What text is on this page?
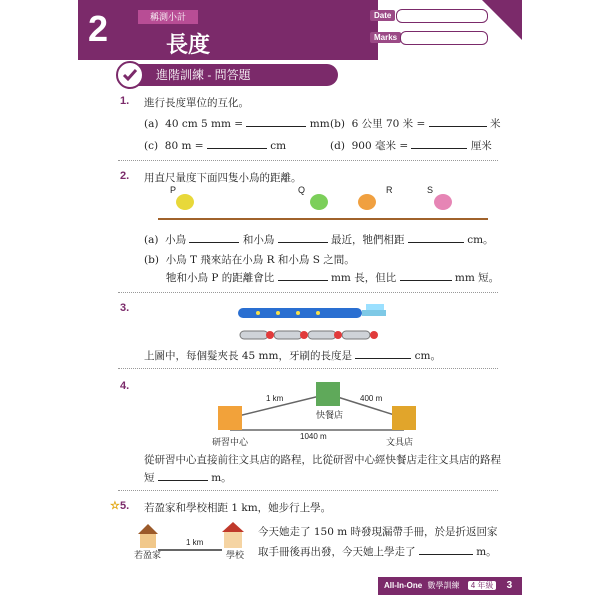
2	稱測小計
長度
Date
Marks
進階訓練 - 問答題
1. 進行長度單位的互化。
(a) 40 cm 5 mm =	mm (b) 6 公里 70 米 =	米
(c) 80 m =	cm	(d) 900 毫米 =	厘米
2. 用直尺量度下面四隻小鳥的距離。
P	Q	R	S
(a) 小鳥	和小鳥	最近，牠們相距	cm。
(b) 小鳥 T 飛來站在小鳥 R 和小鳥 S 之間。
牠和小鳥 P 的距離會比	mm 長，但比	mm 短。
3.
上圖中，每個髮夾長 45 mm，牙刷的長度是	cm。
4.
1 km	400 m
1040 m
研習中心
快餐店
文具店
從研習中心直接前往文具店的路程，比從研習中心經快餐店走往文具店的路程
短	m。
☆ 5. 若盈家和學校相距 1 km，她步行上學。
1 km
若盈家	學校
今天她走了 150 m 時發現漏帶手冊，於是折返回家
取手冊後再出發，今天她上學走了	m。
All-In-One 數學訓練 4 年級 3
